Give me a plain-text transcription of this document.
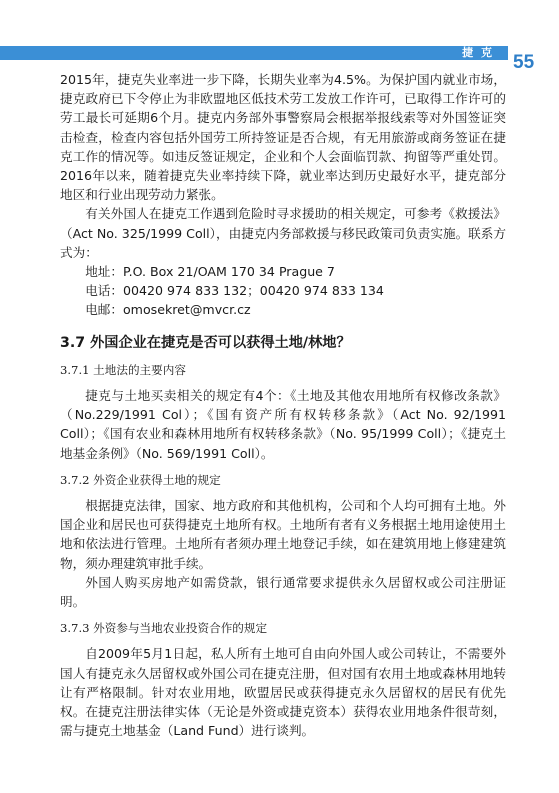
捷 克 55

2015年，捷克失业率进一步下降，长期失业率为4.5%。为保护国内就业市场，捷克政府已下令停止为非欧盟地区低技术劳工发放工作许可，已取得工作许可的劳工最长可延期6个月。捷克内务部外事警察局会根据举报线索等对外国签证突击检查，检查内容包括外国劳工所持签证是否合规，有无用旅游或商务签证在捷克工作的情况等。如违反签证规定，企业和个人会面临罚款、拘留等严重处罚。2016年以来，随着捷克失业率持续下降，就业率达到历史最好水平，捷克部分地区和行业出现劳动力紧张。

有关外国人在捷克工作遇到危险时寻求援助的相关规定，可参考《救援法》（Act No. 325/1999 Coll），由捷克内务部救援与移民政策司负责实施。联系方式为：

地址：P.O. Box 21/OAM 170 34 Prague 7

电话：00420 974 833 132；00420 974 833 134

电邮：omosekret@mvcr.cz

3.7 外国企业在捷克是否可以获得土地/林地？
3.7.1 土地法的主要内容

捷克与土地买卖相关的规定有4个：《土地及其他农用地所有权修改条款》（No.229/1991 Col）；《国有资产所有权转移条款》（Act No. 92/1991 Coll）；《国有农业和森林用地所有权转移条款》（No. 95/1999 Coll）；《捷克土地基金条例》（No. 569/1991 Coll）。

3.7.2 外资企业获得土地的规定

根据捷克法律，国家、地方政府和其他机构，公司和个人均可拥有土地。外国企业和居民也可获得捷克土地所有权。土地所有者有义务根据土地用途使用土地和依法进行管理。土地所有者须办理土地登记手续，如在建筑用地上修建建筑物，须办理建筑审批手续。

外国人购买房地产如需贷款，银行通常要求提供永久居留权或公司注册证明。

3.7.3 外资参与当地农业投资合作的规定

自2009年5月1日起，私人所有土地可自由向外国人或公司转让，不需要外国人有捷克永久居留权或外国公司在捷克注册，但对国有农用土地或森林用地转让有严格限制。针对农业用地，欧盟居民或获得捷克永久居留权的居民有优先权。在捷克注册法律实体（无论是外资或捷克资本）获得农业用地条件很苛刻，需与捷克土地基金（Land Fund）进行谈判。
